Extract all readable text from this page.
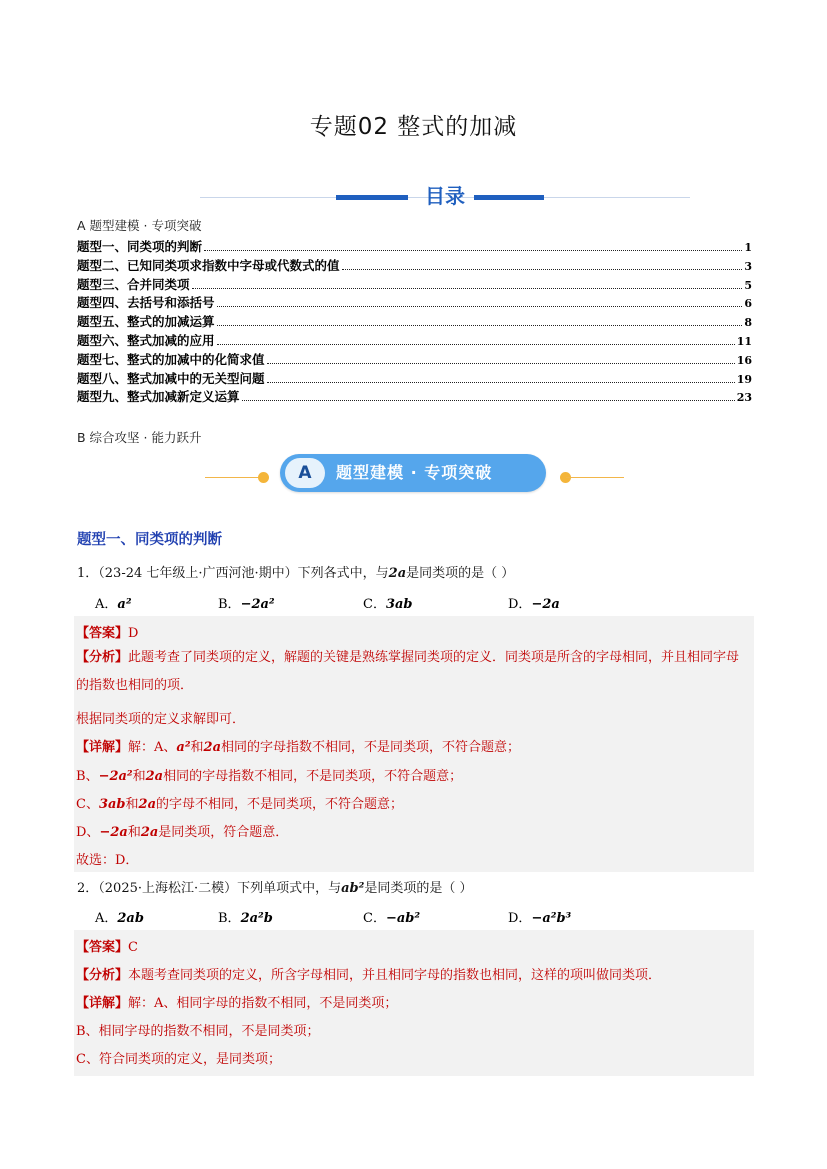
专题02 整式的加减
目录
A 题型建模 · 专项突破
题型一、同类项的判断	1
题型二、已知同类项求指数中字母或代数式的值	3
题型三、合并同类项	5
题型四、去括号和添括号	6
题型五、整式的加减运算	8
题型六、整式加减的应用	11
题型七、整式的加减中的化简求值	16
题型八、整式加减中的无关型问题	19
题型九、整式加减新定义运算	23
B 综合攻坚 · 能力跃升
A	题型建模 · 专项突破
题型一、同类项的判断
1．（23-24 七年级上·广西河池·期中）下列各式中，与2a是同类项的是（ ）
A．a²	B．−2a²	C．3ab	D．−2a
【答案】D
【分析】此题考查了同类项的定义，解题的关键是熟练掌握同类项的定义．同类项是所含的字母相同，并且相同字母的指数也相同的项．
根据同类项的定义求解即可．
【详解】解：A、a²和2a相同的字母指数不相同，不是同类项，不符合题意；
B、−2a²和2a相同的字母指数不相同，不是同类项，不符合题意；
C、3ab和2a的字母不相同，不是同类项，不符合题意；
D、−2a和2a是同类项，符合题意．
故选：D．
2．（2025·上海松江·二模）下列单项式中，与ab²是同类项的是（ ）
A．2ab	B．2a²b	C．−ab²	D．−a²b³
【答案】C
【分析】本题考查同类项的定义，所含字母相同，并且相同字母的指数也相同，这样的项叫做同类项．
【详解】解：A、相同字母的指数不相同，不是同类项；
B、相同字母的指数不相同，不是同类项；
C、符合同类项的定义，是同类项；
